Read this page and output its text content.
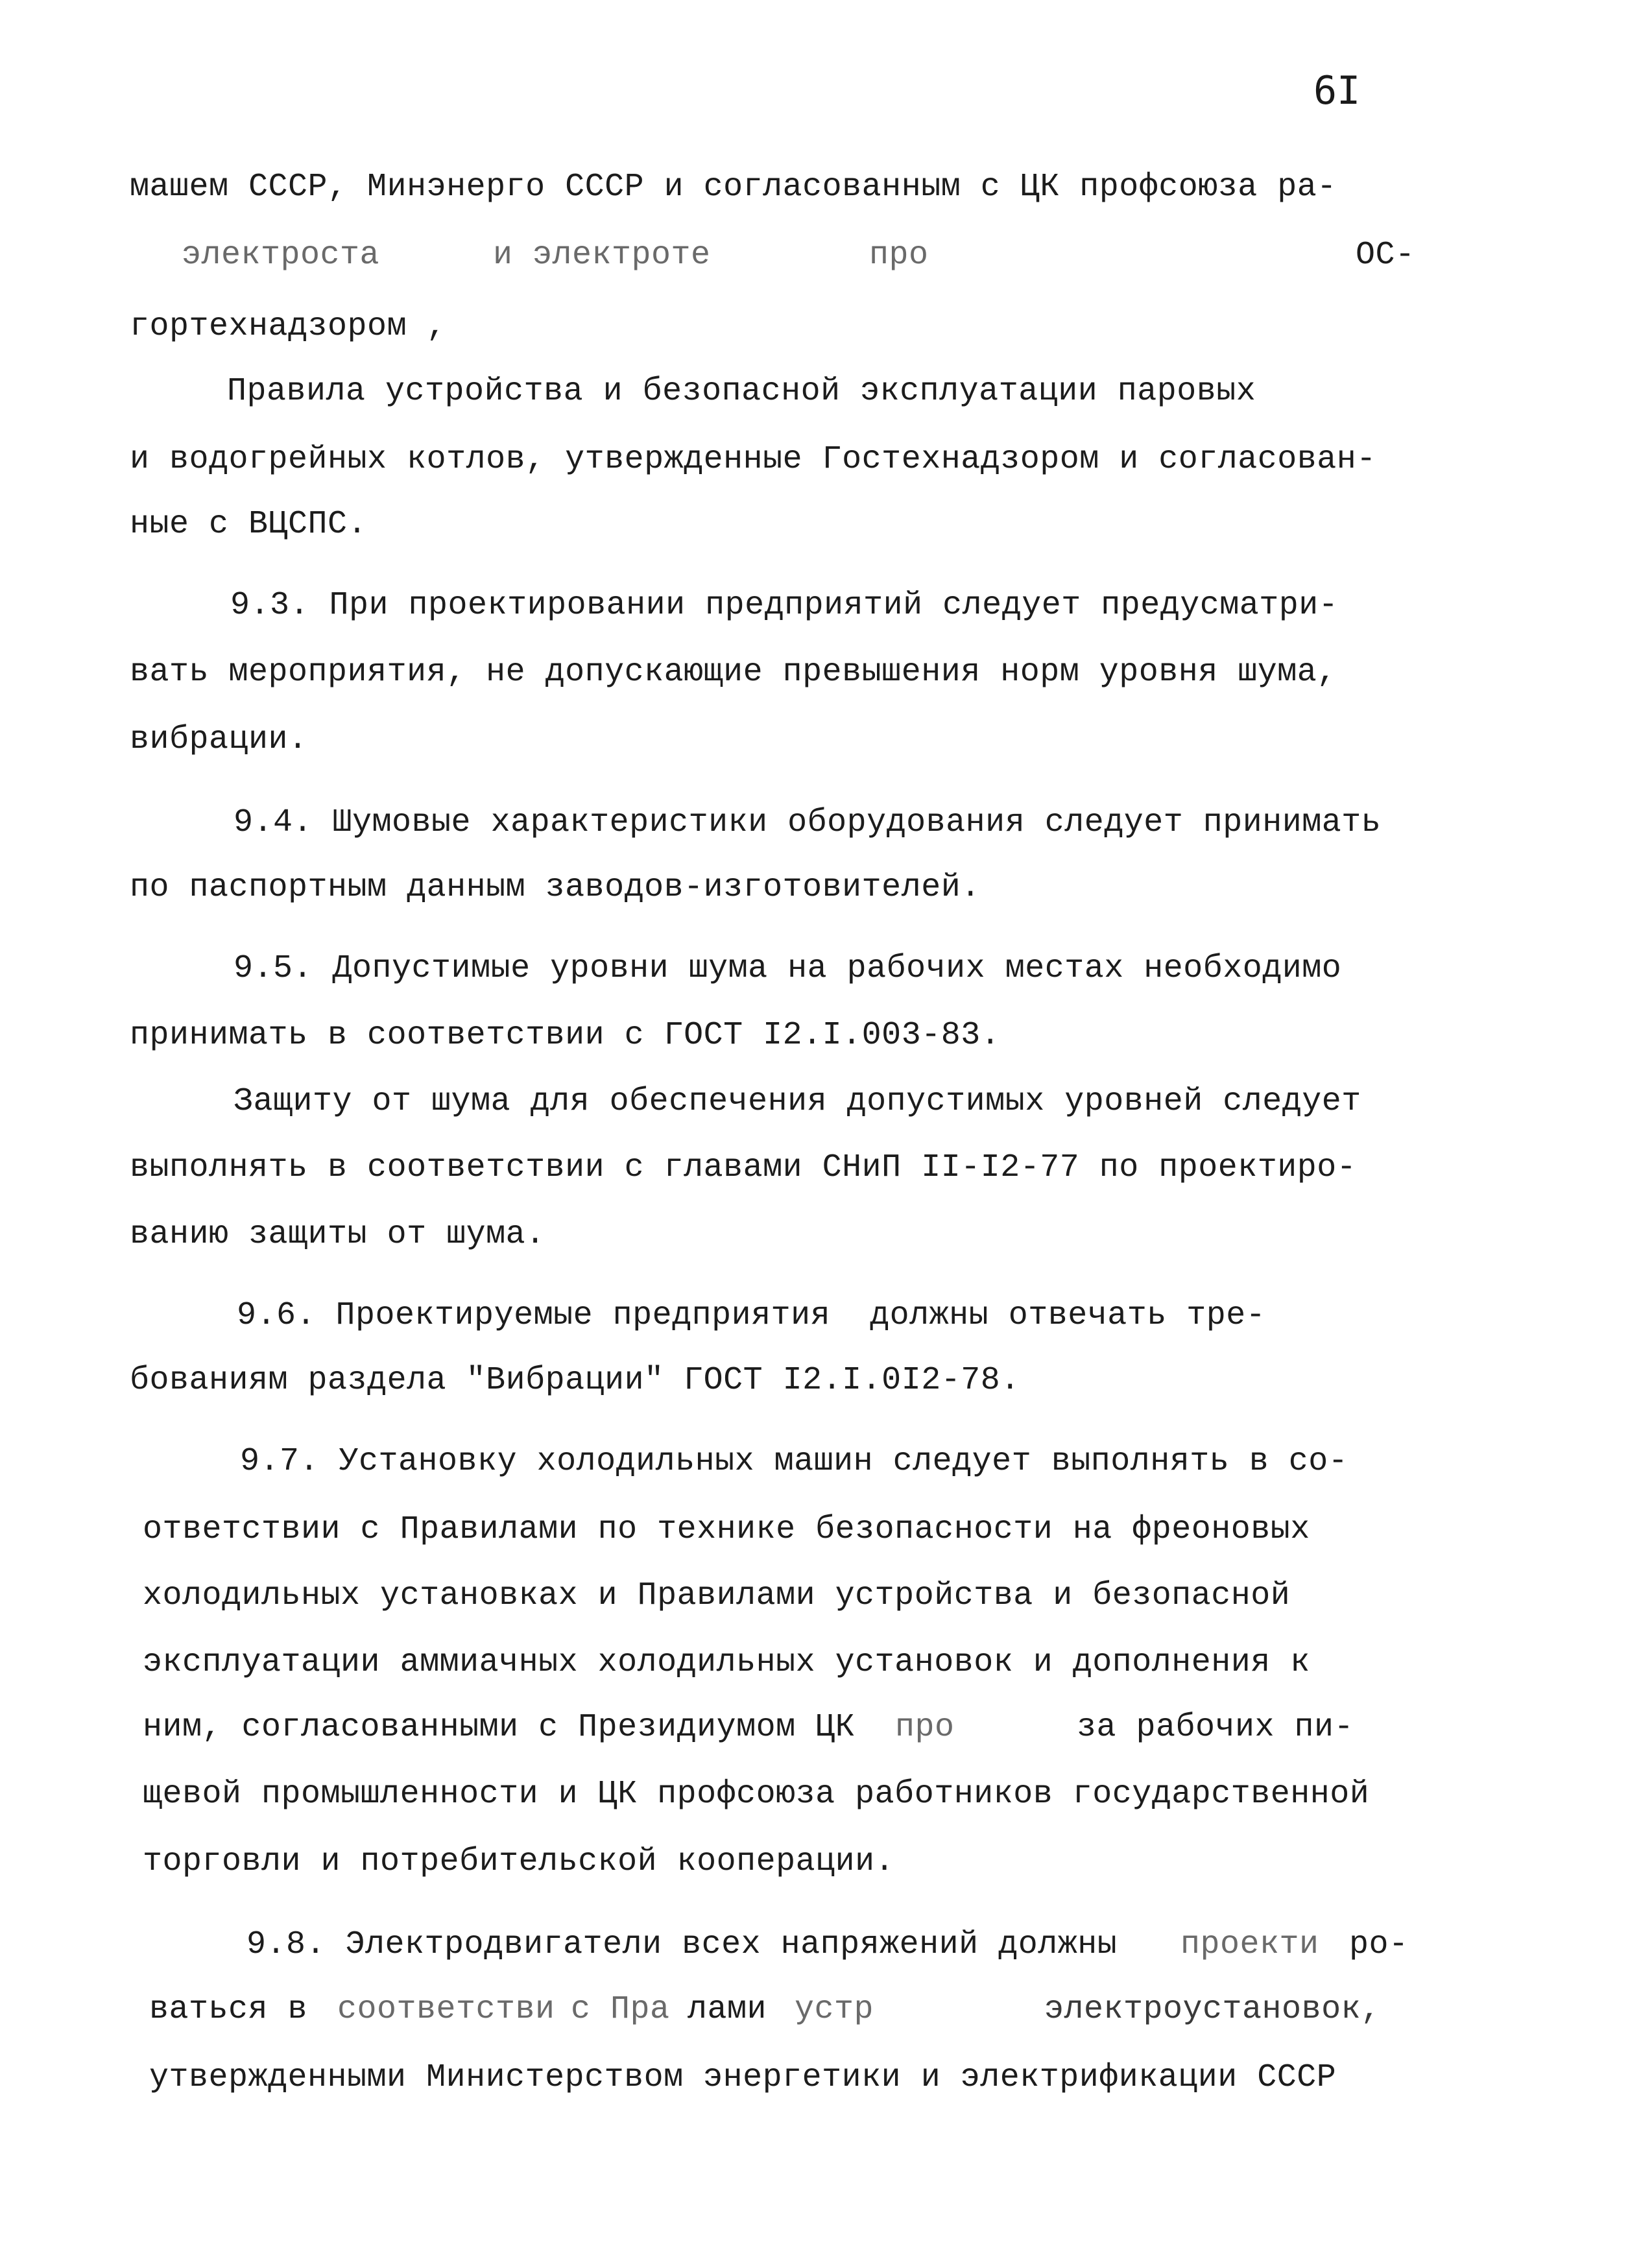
6I
машем СССР, Минэнерго СССР и согласованным с ЦК профсоюза ра-
электроста	и электроте	про	ОС-
гортехнадзором ,
Правила устройства и безопасной эксплуатации паровых
и водогрейных котлов, утвержденные Гостехнадзором и согласован-
ные с ВЦСПС.
9.3. При проектировании предприятий следует предусматри-
вать мероприятия, не допускающие превышения норм уровня шума,
вибрации.
9.4. Шумовые характеристики оборудования следует принимать
по паспортным данным заводов-изготовителей.
9.5. Допустимые уровни шума на рабочих местах необходимо
принимать в соответствии с ГОСТ I2.I.003-83.
Защиту от шума для обеспечения допустимых уровней следует
выполнять в соответствии с главами СНиП II-I2-77 по проектиро-
ванию защиты от шума.
9.6. Проектируемые предприятия  должны отвечать тре-
бованиям раздела "Вибрации" ГОСТ I2.I.0I2-78.
9.7. Установку холодильных машин следует выполнять в со-
ответствии с Правилами по технике безопасности на фреоновых
холодильных установках и Правилами устройства и безопасной
эксплуатации аммиачных холодильных установок и дополнения к
ним, согласованными с Президиумом ЦК про	за рабочих пи-
щевой промышленности и ЦК профсоюза работников государственной
торговли и потребительской кооперации.
9.8. Электродвигатели всех напряжений должны проекти ро-
ваться в соответстви с Пра лами устр	электроустановок,
утвержденными Министерством энергетики и электрификации СССР
